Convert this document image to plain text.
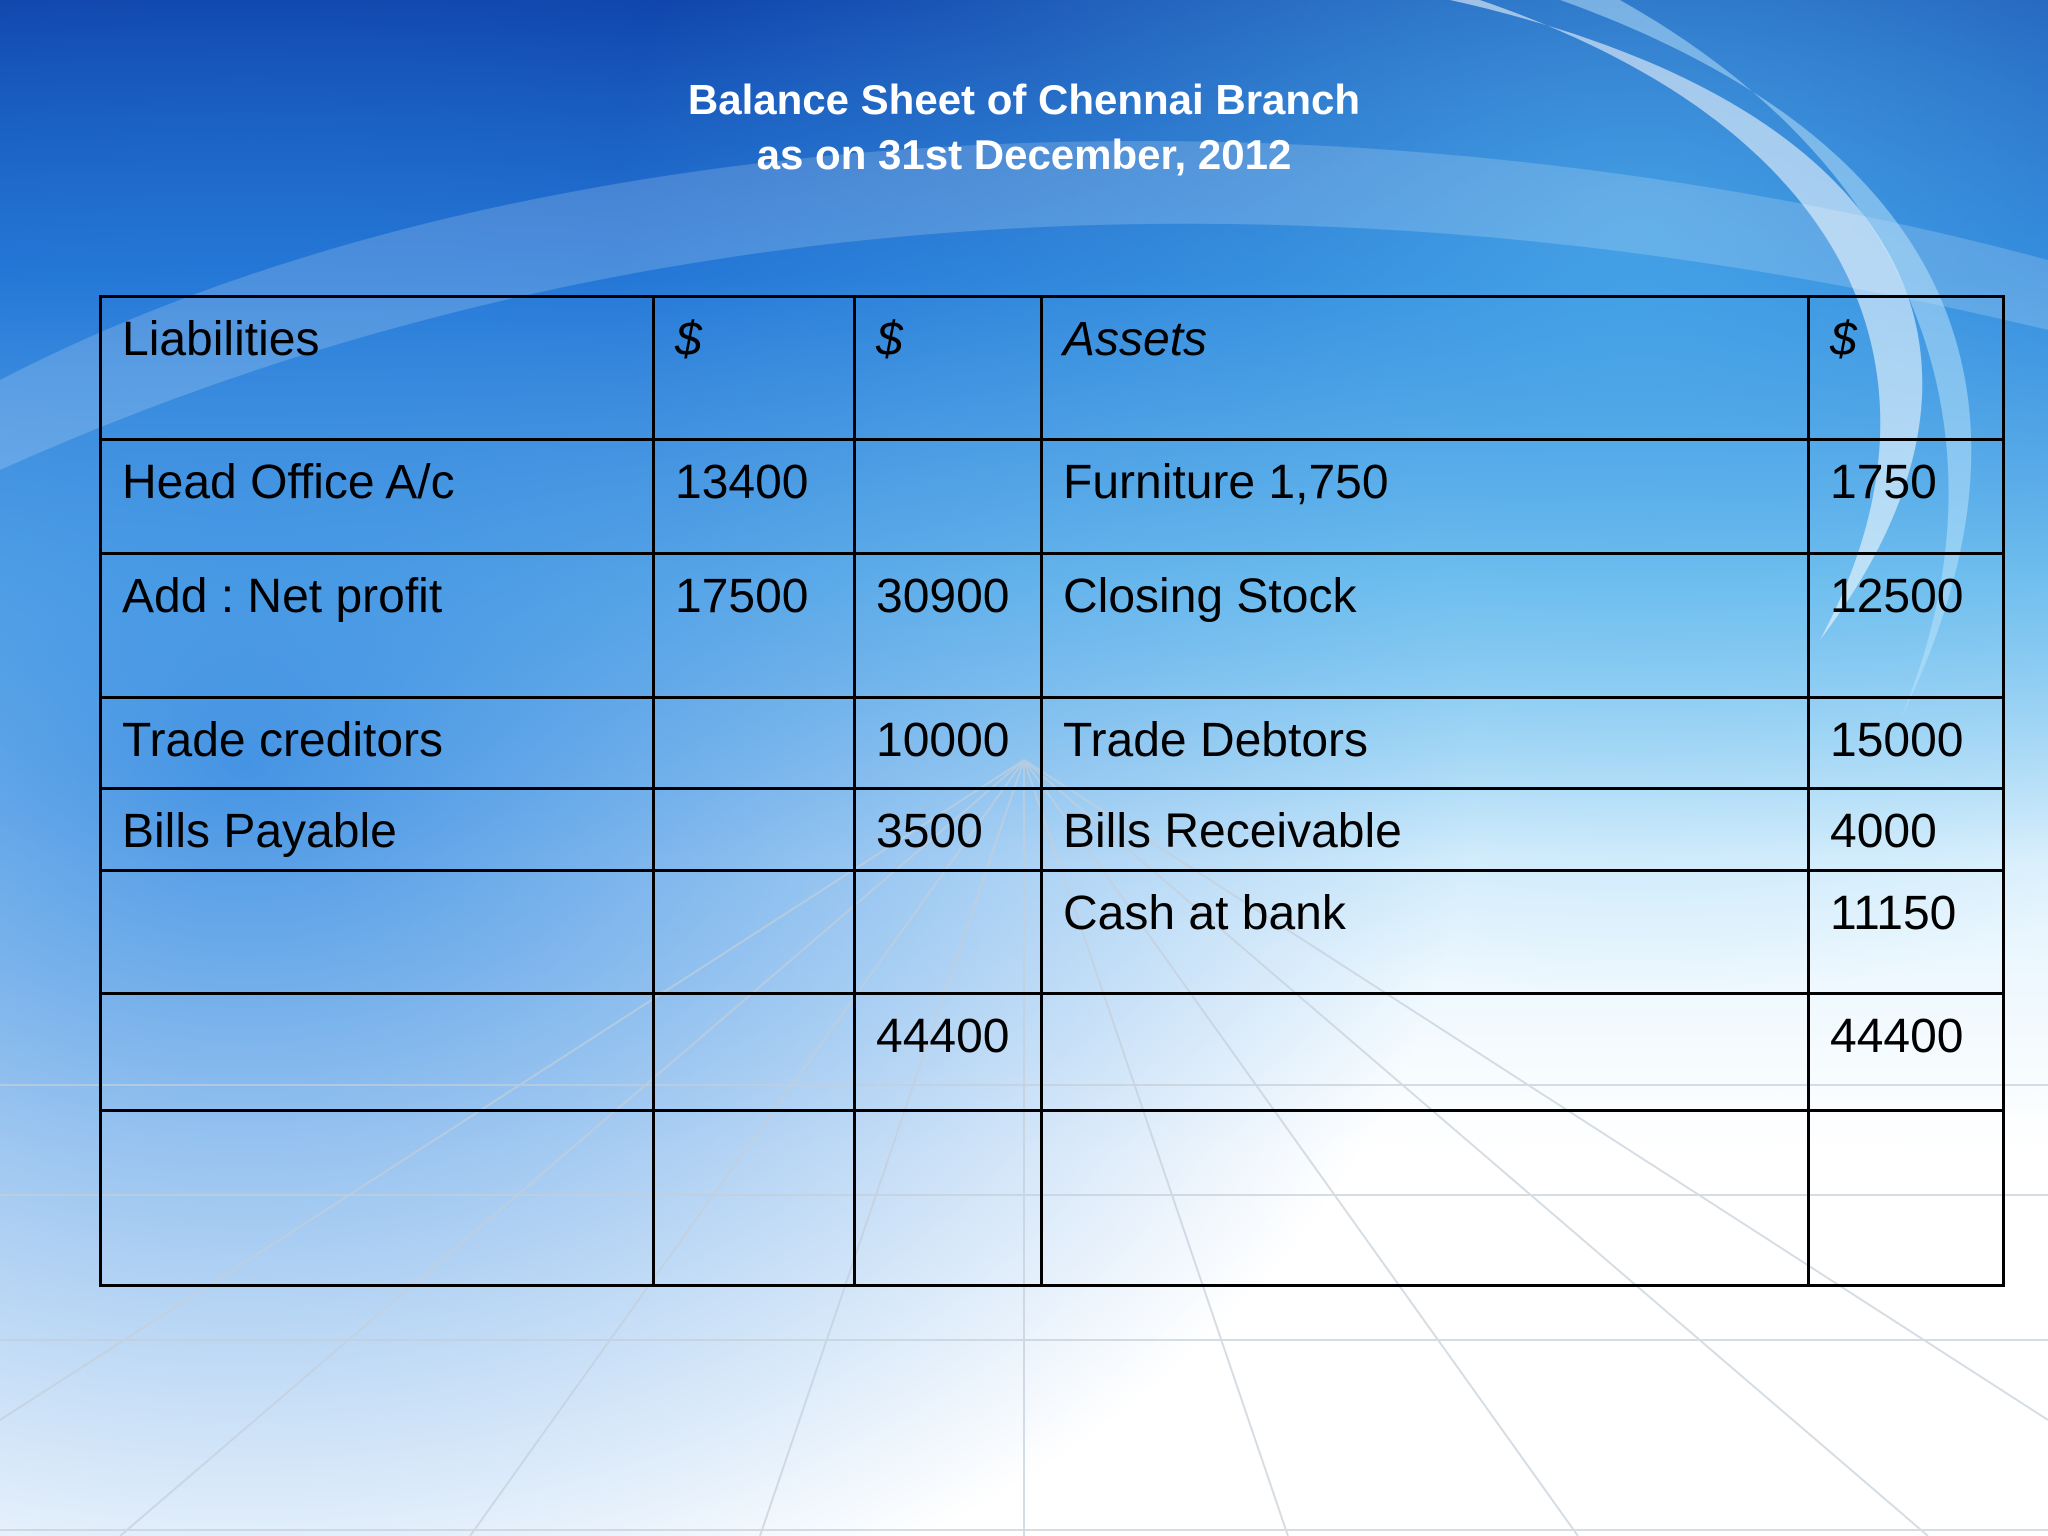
Balance Sheet of Chennai Branch
as on 31st December, 2012
Liabilities	$	$	Assets	$
Head Office A/c	13400		Furniture 1,750	1750
Add : Net profit	17500	30900	Closing Stock	12500
Trade creditors		10000	Trade Debtors	15000
Bills Payable		3500	Bills Receivable	4000
			Cash at bank	11150
		44400		44400
